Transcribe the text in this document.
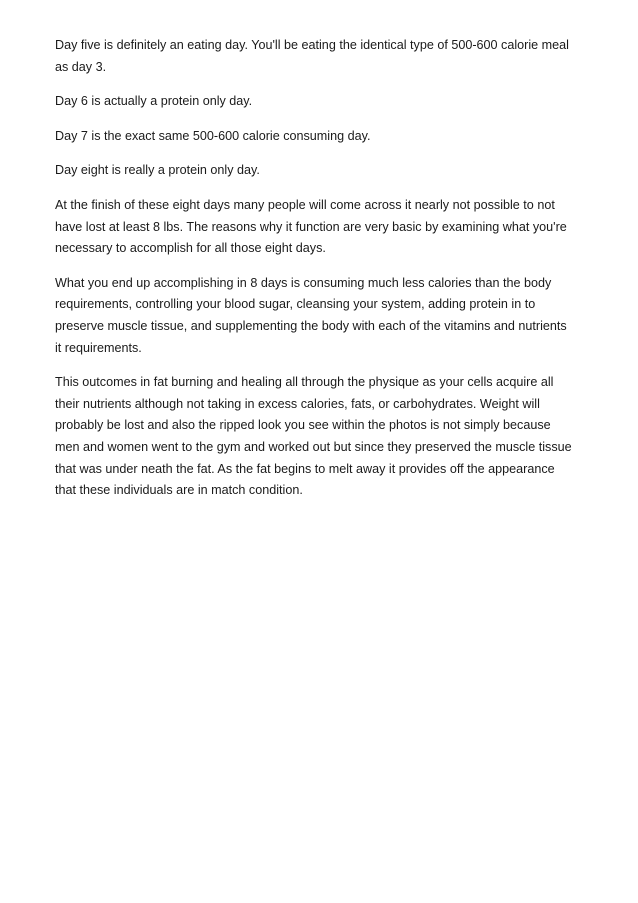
Day five is definitely an eating day. You'll be eating the identical type of 500-600 calorie meal
as day 3.

Day 6 is actually a protein only day.

Day 7 is the exact same 500-600 calorie consuming day.

Day eight is really a protein only day.

At the finish of these eight days many people will come across it nearly not possible to not
have lost at least 8 lbs. The reasons why it function are very basic by examining what you're
necessary to accomplish for all those eight days.

What you end up accomplishing in 8 days is consuming much less calories than the body
requirements, controlling your blood sugar, cleansing your system, adding protein in to
preserve muscle tissue, and supplementing the body with each of the vitamins and nutrients
it requirements.

This outcomes in fat burning and healing all through the physique as your cells acquire all
their nutrients although not taking in excess calories, fats, or carbohydrates. Weight will
probably be lost and also the ripped look you see within the photos is not simply because
men and women went to the gym and worked out but since they preserved the muscle tissue
that was under neath the fat. As the fat begins to melt away it provides off the appearance
that these individuals are in match condition.
